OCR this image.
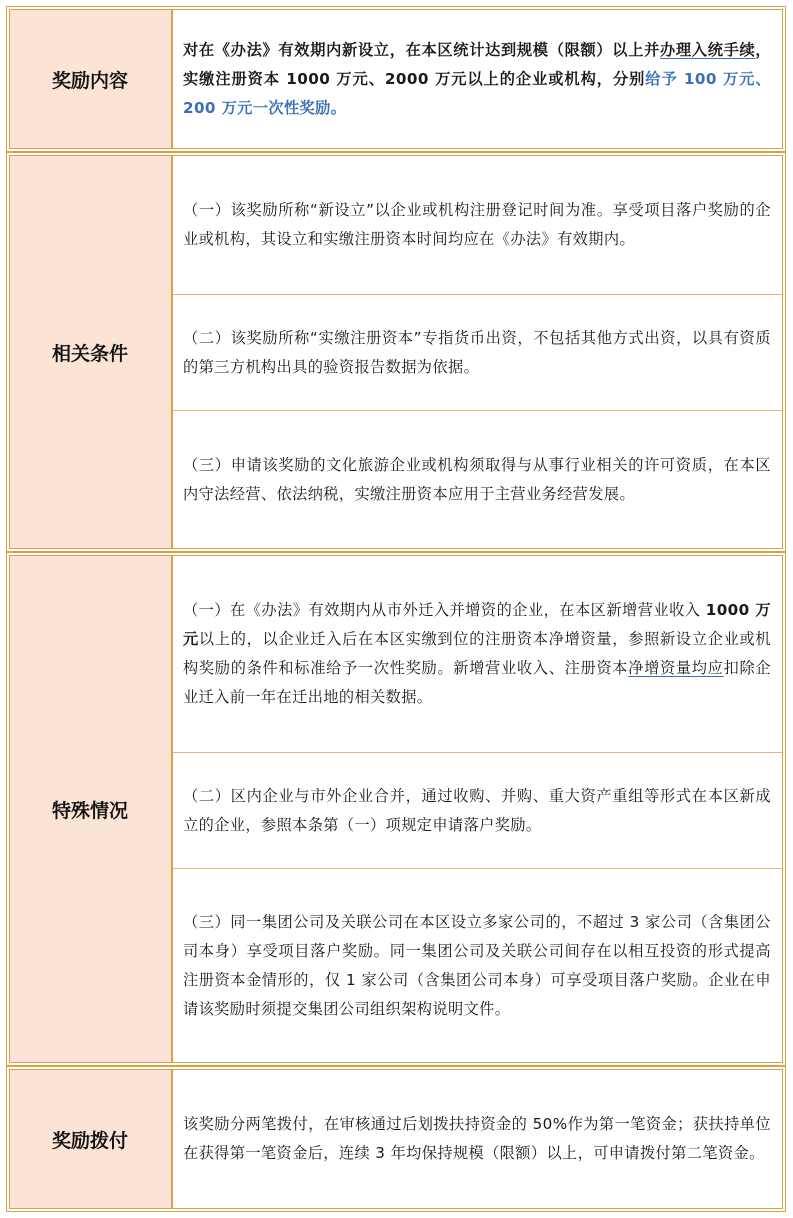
奖励内容

对在《办法》有效期内新设立，在本区统计达到规模（限额）以上并办理入统手续，实缴注册资本 1000 万元、2000 万元以上的企业或机构，分别给予 100 万元、200 万元一次性奖励。

相关条件

（一）该奖励所称“新设立”以企业或机构注册登记时间为准。享受项目落户奖励的企业或机构，其设立和实缴注册资本时间均应在《办法》有效期内。

（二）该奖励所称“实缴注册资本”专指货币出资，不包括其他方式出资，以具有资质的第三方机构出具的验资报告数据为依据。

（三）申请该奖励的文化旅游企业或机构须取得与从事行业相关的许可资质，在本区内守法经营、依法纳税，实缴注册资本应用于主营业务经营发展。

特殊情况

（一）在《办法》有效期内从市外迁入并增资的企业，在本区新增营业收入 1000 万元以上的，以企业迁入后在本区实缴到位的注册资本净增资量，参照新设立企业或机构奖励的条件和标准给予一次性奖励。新增营业收入、注册资本净增资量均应扣除企业迁入前一年在迁出地的相关数据。

（二）区内企业与市外企业合并，通过收购、并购、重大资产重组等形式在本区新成立的企业，参照本条第（一）项规定申请落户奖励。

（三）同一集团公司及关联公司在本区设立多家公司的，不超过 3 家公司（含集团公司本身）享受项目落户奖励。同一集团公司及关联公司间存在以相互投资的形式提高注册资本金情形的，仅 1 家公司（含集团公司本身）可享受项目落户奖励。企业在申请该奖励时须提交集团公司组织架构说明文件。

奖励拨付

该奖励分两笔拨付，在审核通过后划拨扶持资金的 50%作为第一笔资金；获扶持单位在获得第一笔资金后，连续 3 年均保持规模（限额）以上，可申请拨付第二笔资金。
